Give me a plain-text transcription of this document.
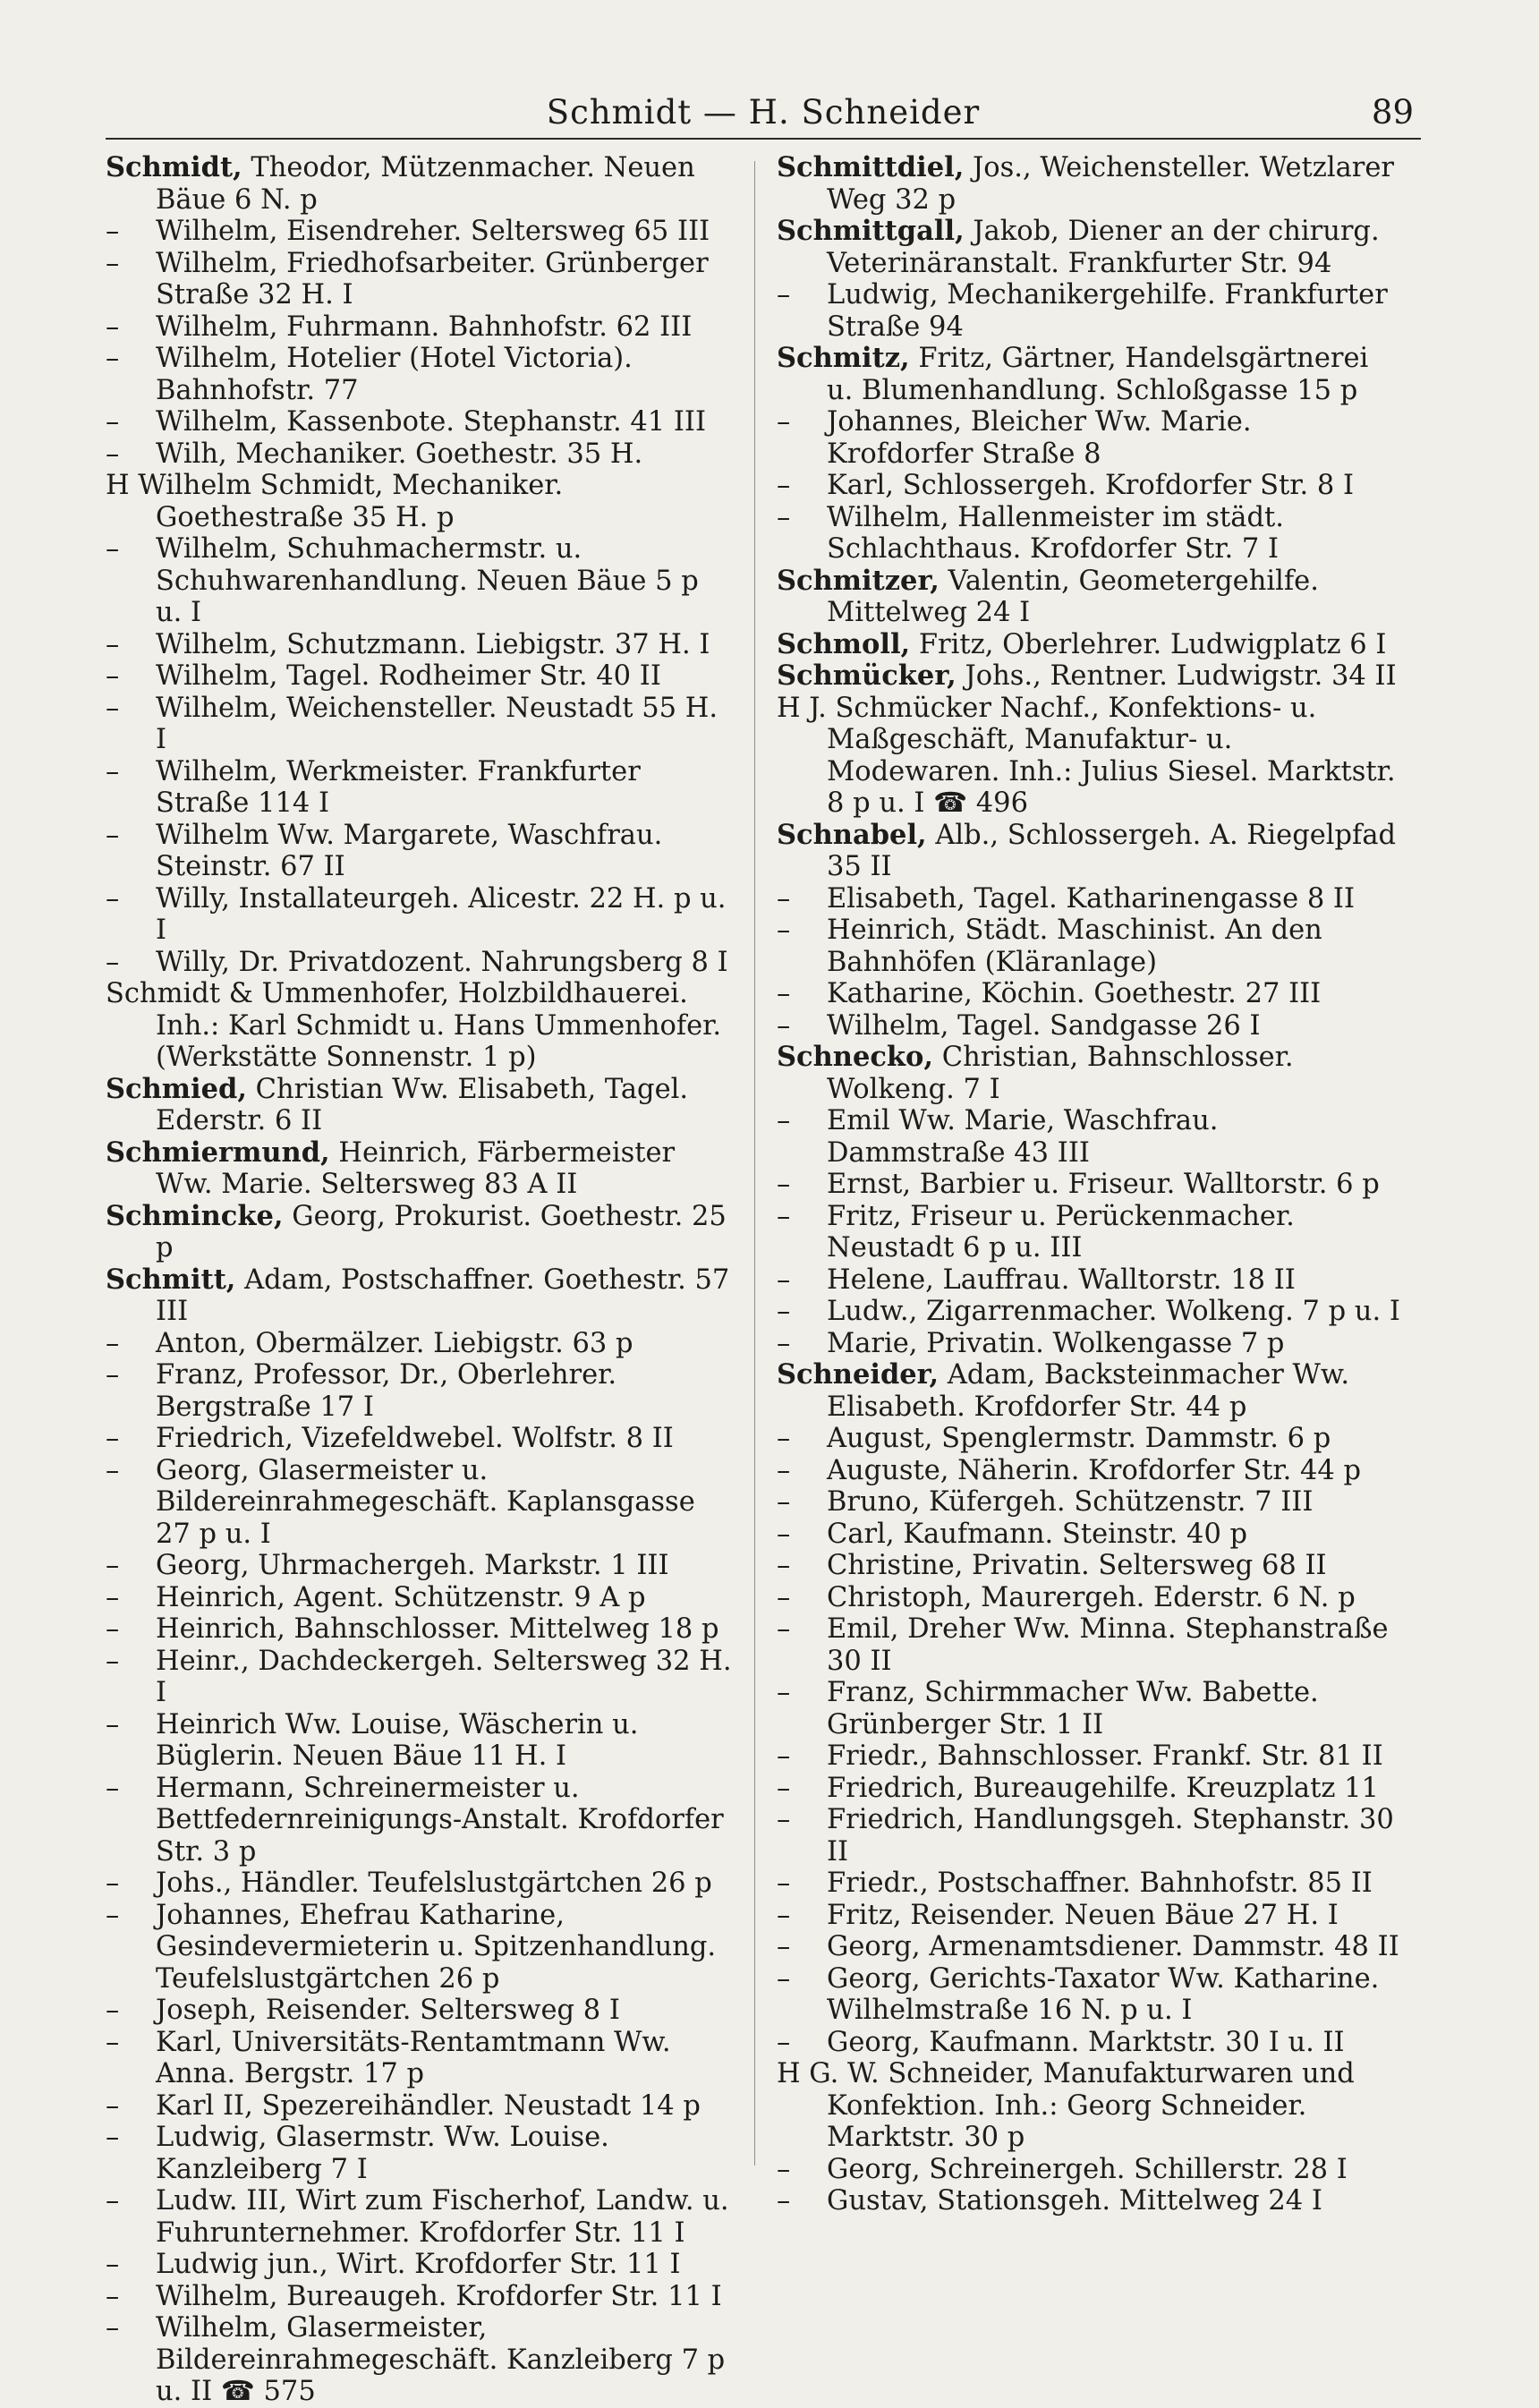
Schmidt — H. Schneider	89

Schmidt, Theodor, Mützenmacher. Neuen Bäue 6 N. p

– Wilhelm, Eisendreher. Seltersweg 65 III

– Wilhelm, Friedhofsarbeiter. Grünberger Straße 32 H. I

– Wilhelm, Fuhrmann. Bahnhofstr. 62 III

– Wilhelm, Hotelier (Hotel Victoria). Bahnhofstr. 77

– Wilhelm, Kassenbote. Stephanstr. 41 III

– Wilh, Mechaniker. Goethestr. 35 H.

H Wilhelm Schmidt, Mechaniker. Goethestraße 35 H. p

– Wilhelm, Schuhmachermstr. u. Schuhwarenhandlung. Neuen Bäue 5 p u. I

– Wilhelm, Schutzmann. Liebigstr. 37 H. I

– Wilhelm, Tagel. Rodheimer Str. 40 II

– Wilhelm, Weichensteller. Neustadt 55 H. I

– Wilhelm, Werkmeister. Frankfurter Straße 114 I

– Wilhelm Ww. Margarete, Waschfrau. Steinstr. 67 II

– Willy, Installateurgeh. Alicestr. 22 H. p u. I

– Willy, Dr. Privatdozent. Nahrungsberg 8 I

Schmidt & Ummenhofer, Holzbildhauerei. Inh.: Karl Schmidt u. Hans Ummenhofer. (Werkstätte Sonnenstr. 1 p)

Schmied, Christian Ww. Elisabeth, Tagel. Ederstr. 6 II

Schmiermund, Heinrich, Färbermeister Ww. Marie. Seltersweg 83 A II

Schmincke, Georg, Prokurist. Goethestr. 25 p

Schmitt, Adam, Postschaffner. Goethestr. 57 III

– Anton, Obermälzer. Liebigstr. 63 p

– Franz, Professor, Dr., Oberlehrer. Bergstraße 17 I

– Friedrich, Vizefeldwebel. Wolfstr. 8 II

– Georg, Glasermeister u. Bildereinrahmegeschäft. Kaplansgasse 27 p u. I

– Georg, Uhrmachergeh. Markstr. 1 III

– Heinrich, Agent. Schützenstr. 9 A p

– Heinrich, Bahnschlosser. Mittelweg 18 p

– Heinr., Dachdeckergeh. Seltersweg 32 H. I

– Heinrich Ww. Louise, Wäscherin u. Büglerin. Neuen Bäue 11 H. I

– Hermann, Schreinermeister u. Bettfedernreinigungs-Anstalt. Krofdorfer Str. 3 p

– Johs., Händler. Teufelslustgärtchen 26 p

– Johannes, Ehefrau Katharine, Gesindevermieterin u. Spitzenhandlung. Teufelslustgärtchen 26 p

– Joseph, Reisender. Seltersweg 8 I

– Karl, Universitäts-Rentamtmann Ww. Anna. Bergstr. 17 p

– Karl II, Spezereihändler. Neustadt 14 p

– Ludwig, Glasermstr. Ww. Louise. Kanzleiberg 7 I

– Ludw. III, Wirt zum Fischerhof, Landw. u. Fuhrunternehmer. Krofdorfer Str. 11 I

– Ludwig jun., Wirt. Krofdorfer Str. 11 I

– Wilhelm, Bureaugeh. Krofdorfer Str. 11 I

– Wilhelm, Glasermeister, Bildereinrahmegeschäft. Kanzleiberg 7 p u. II ☎ 575

Schmittdiel, Jos., Weichensteller. Wetzlarer Weg 32 p

Schmittgall, Jakob, Diener an der chirurg. Veterinäranstalt. Frankfurter Str. 94

– Ludwig, Mechanikergehilfe. Frankfurter Straße 94

Schmitz, Fritz, Gärtner, Handelsgärtnerei u. Blumenhandlung. Schloßgasse 15 p

– Johannes, Bleicher Ww. Marie. Krofdorfer Straße 8

– Karl, Schlossergeh. Krofdorfer Str. 8 I

– Wilhelm, Hallenmeister im städt. Schlachthaus. Krofdorfer Str. 7 I

Schmitzer, Valentin, Geometergehilfe. Mittelweg 24 I

Schmoll, Fritz, Oberlehrer. Ludwigplatz 6 I

Schmücker, Johs., Rentner. Ludwigstr. 34 II

H J. Schmücker Nachf., Konfektions- u. Maßgeschäft, Manufaktur- u. Modewaren. Inh.: Julius Siesel. Marktstr. 8 p u. I ☎ 496

Schnabel, Alb., Schlossergeh. A. Riegelpfad 35 II

– Elisabeth, Tagel. Katharinengasse 8 II

– Heinrich, Städt. Maschinist. An den Bahnhöfen (Kläranlage)

– Katharine, Köchin. Goethestr. 27 III

– Wilhelm, Tagel. Sandgasse 26 I

Schnecko, Christian, Bahnschlosser. Wolkeng. 7 I

– Emil Ww. Marie, Waschfrau. Dammstraße 43 III

– Ernst, Barbier u. Friseur. Walltorstr. 6 p

– Fritz, Friseur u. Perückenmacher. Neustadt 6 p u. III

– Helene, Lauffrau. Walltorstr. 18 II

– Ludw., Zigarrenmacher. Wolkeng. 7 p u. I

– Marie, Privatin. Wolkengasse 7 p

Schneider, Adam, Backsteinmacher Ww. Elisabeth. Krofdorfer Str. 44 p

– August, Spenglermstr. Dammstr. 6 p

– Auguste, Näherin. Krofdorfer Str. 44 p

– Bruno, Küfergeh. Schützenstr. 7 III

– Carl, Kaufmann. Steinstr. 40 p

– Christine, Privatin. Seltersweg 68 II

– Christoph, Maurergeh. Ederstr. 6 N. p

– Emil, Dreher Ww. Minna. Stephanstraße 30 II

– Franz, Schirmmacher Ww. Babette. Grünberger Str. 1 II

– Friedr., Bahnschlosser. Frankf. Str. 81 II

– Friedrich, Bureaugehilfe. Kreuzplatz 11

– Friedrich, Handlungsgeh. Stephanstr. 30 II

– Friedr., Postschaffner. Bahnhofstr. 85 II

– Fritz, Reisender. Neuen Bäue 27 H. I

– Georg, Armenamtsdiener. Dammstr. 48 II

– Georg, Gerichts-Taxator Ww. Katharine. Wilhelmstraße 16 N. p u. I

– Georg, Kaufmann. Marktstr. 30 I u. II

H G. W. Schneider, Manufakturwaren und Konfektion. Inh.: Georg Schneider. Marktstr. 30 p

– Georg, Schreinergeh. Schillerstr. 28 I

– Gustav, Stationsgeh. Mittelweg 24 I
